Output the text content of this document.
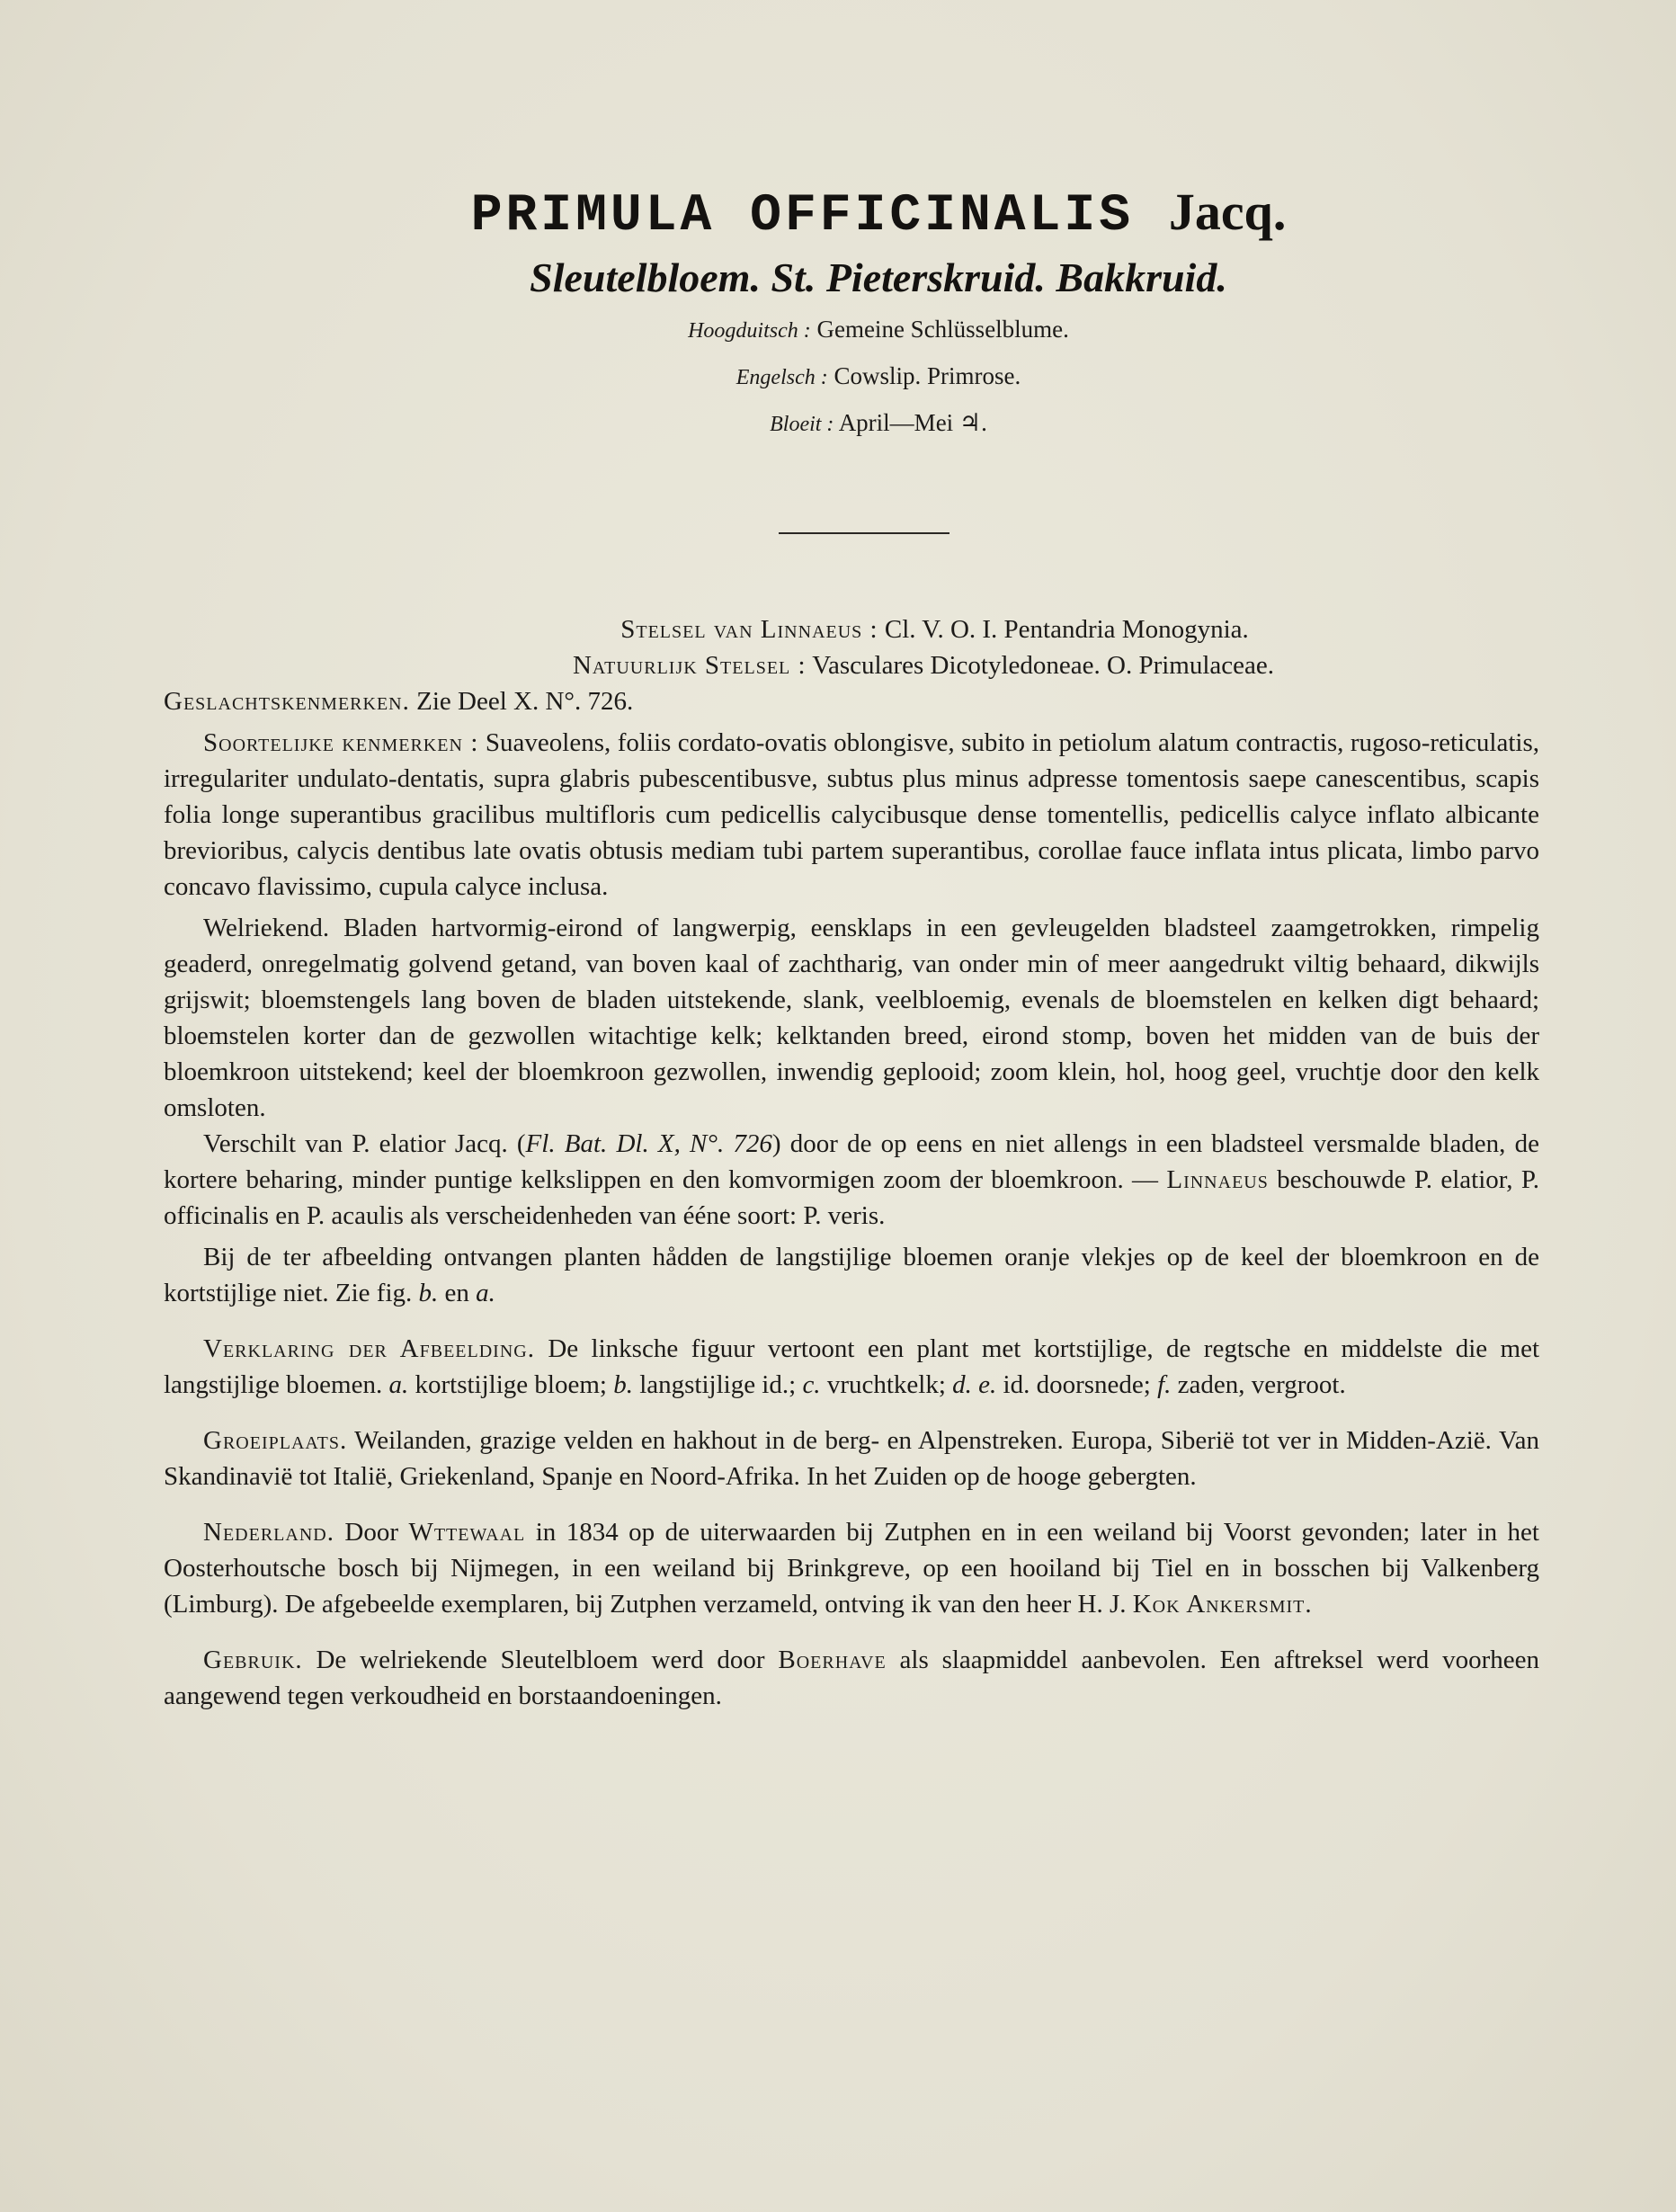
PRIMULA OFFICINALIS Jacq.
Sleutelbloem. St. Pieterskruid. Bakkruid.
Hoogduitsch : Gemeine Schlüsselblume.
Engelsch : Cowslip. Primrose.
Bloeit : April—Mei ♃.

Stelsel van Linnaeus : Cl. V. O. I. Pentandria Monogynia.

Natuurlijk Stelsel : Vasculares Dicotyledoneae. O. Primulaceae.

Geslachtskenmerken. Zie Deel X. N°. 726.

Soortelijke kenmerken : Suaveolens, foliis cordato-ovatis oblongisve, subito in petiolum alatum contractis, rugoso-reticulatis, irregulariter undulato-dentatis, supra glabris pubescentibusve, subtus plus minus adpresse tomentosis saepe canescentibus, scapis folia longe superantibus gracilibus multifloris cum pedicellis calycibusque dense tomentellis, pedicellis calyce inflato albicante brevioribus, calycis dentibus late ovatis obtusis mediam tubi partem superantibus, corollae fauce inflata intus plicata, limbo parvo concavo flavissimo, cupula calyce inclusa.

Welriekend. Bladen hartvormig-eirond of langwerpig, eensklaps in een gevleugelden bladsteel zaamgetrokken, rimpelig geaderd, onregelmatig golvend getand, van boven kaal of zachtharig, van onder min of meer aangedrukt viltig behaard, dikwijls grijswit; bloemstengels lang boven de bladen uitstekende, slank, veelbloemig, evenals de bloemstelen en kelken digt behaard; bloemstelen korter dan de gezwollen witachtige kelk; kelktanden breed, eirond stomp, boven het midden van de buis der bloemkroon uitstekend; keel der bloemkroon gezwollen, inwendig geplooid; zoom klein, hol, hoog geel, vruchtje door den kelk omsloten.

Verschilt van P. elatior Jacq. (Fl. Bat. Dl. X, N°. 726) door de op eens en niet allengs in een bladsteel versmalde bladen, de kortere beharing, minder puntige kelkslippen en den komvormigen zoom der bloemkroon. — Linnaeus beschouwde P. elatior, P. officinalis en P. acaulis als verscheidenheden van ééne soort: P. veris.

Bij de ter afbeelding ontvangen planten hådden de langstijlige bloemen oranje vlekjes op de keel der bloemkroon en de kortstijlige niet. Zie fig. b. en a.

Verklaring der Afbeelding. De linksche figuur vertoont een plant met kortstijlige, de regtsche en middelste die met langstijlige bloemen. a. kortstijlige bloem; b. langstijlige id.; c. vruchtkelk; d. e. id. doorsnede; f. zaden, vergroot.

Groeiplaats. Weilanden, grazige velden en hakhout in de berg- en Alpenstreken. Europa, Siberië tot ver in Midden-Azië. Van Skandinavië tot Italië, Griekenland, Spanje en Noord-Afrika. In het Zuiden op de hooge gebergten.

Nederland. Door Wttewaal in 1834 op de uiterwaarden bij Zutphen en in een weiland bij Voorst gevonden; later in het Oosterhoutsche bosch bij Nijmegen, in een weiland bij Brinkgreve, op een hooiland bij Tiel en in bosschen bij Valkenberg (Limburg). De afgebeelde exemplaren, bij Zutphen verzameld, ontving ik van den heer H. J. Kok Ankersmit.

Gebruik. De welriekende Sleutelbloem werd door Boerhave als slaapmiddel aanbevolen. Een aftreksel werd voorheen aangewend tegen verkoudheid en borstaandoeningen.
